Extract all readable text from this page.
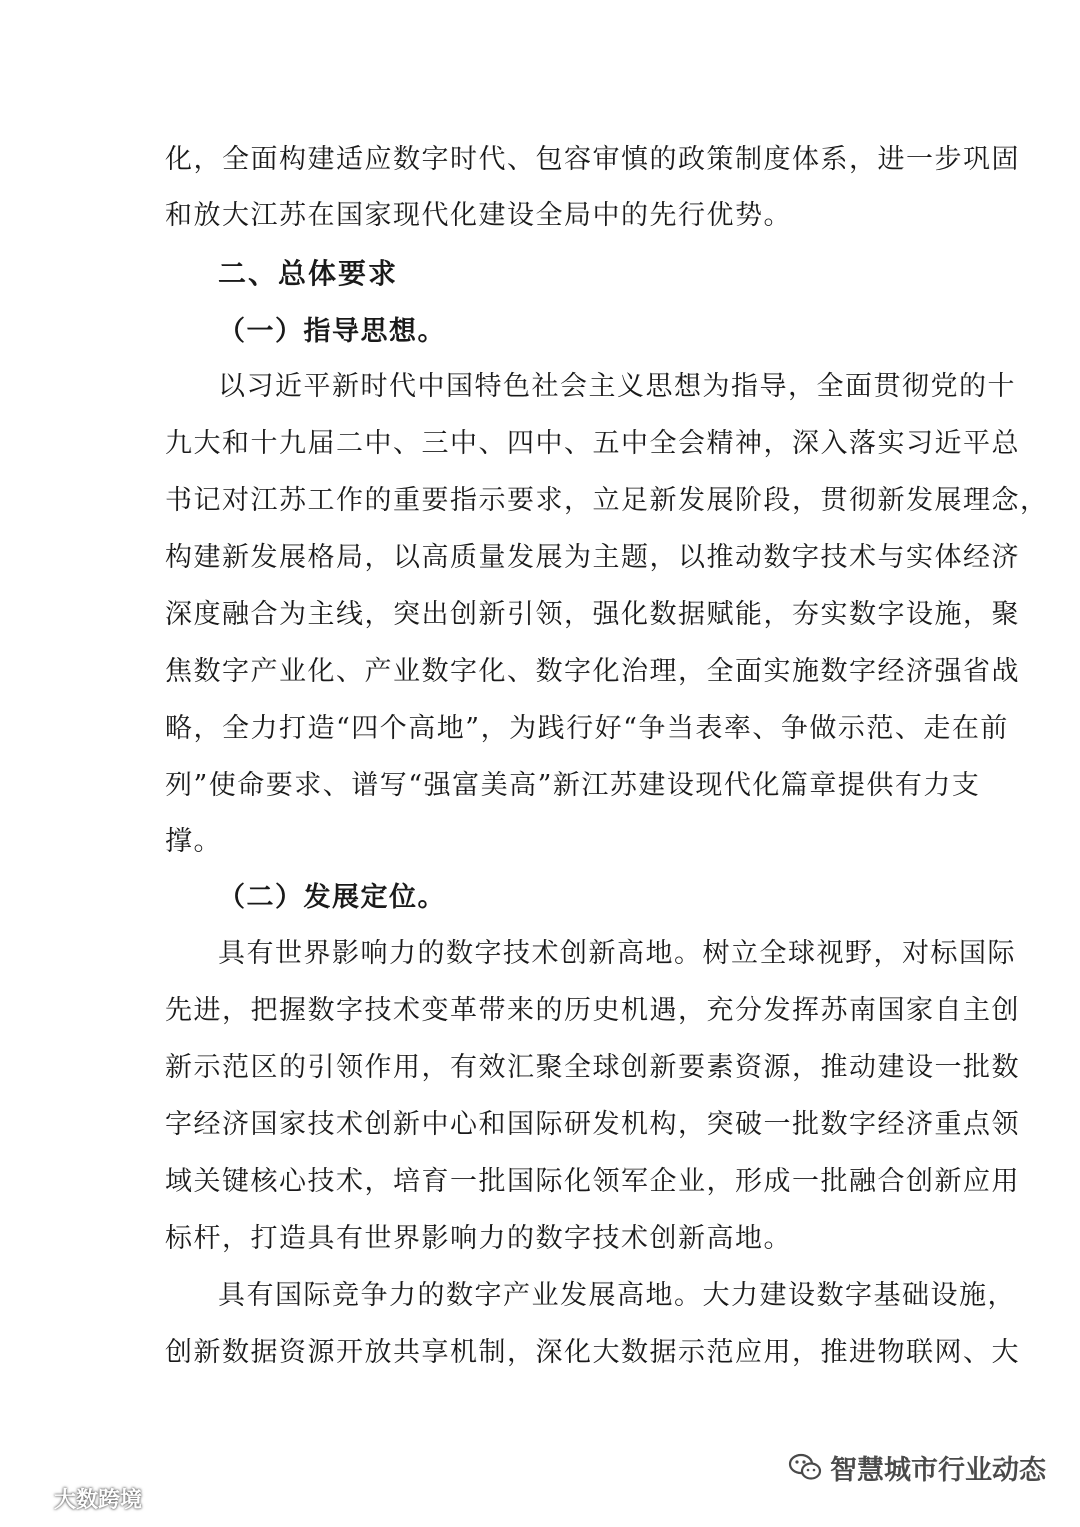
化，全面构建适应数字时代、包容审慎的政策制度体系，进一步巩固
和放大江苏在国家现代化建设全局中的先行优势。
二、总体要求
（一）指导思想。
以习近平新时代中国特色社会主义思想为指导，全面贯彻党的十
九大和十九届二中、三中、四中、五中全会精神，深入落实习近平总
书记对江苏工作的重要指示要求，立足新发展阶段，贯彻新发展理念，
构建新发展格局，以高质量发展为主题，以推动数字技术与实体经济
深度融合为主线，突出创新引领，强化数据赋能，夯实数字设施，聚
焦数字产业化、产业数字化、数字化治理，全面实施数字经济强省战
略，全力打造“四个高地”，为践行好“争当表率、争做示范、走在前
列”使命要求、谱写“强富美高”新江苏建设现代化篇章提供有力支
撑。
（二）发展定位。
具有世界影响力的数字技术创新高地。树立全球视野，对标国际
先进，把握数字技术变革带来的历史机遇，充分发挥苏南国家自主创
新示范区的引领作用，有效汇聚全球创新要素资源，推动建设一批数
字经济国家技术创新中心和国际研发机构，突破一批数字经济重点领
域关键核心技术，培育一批国际化领军企业，形成一批融合创新应用
标杆，打造具有世界影响力的数字技术创新高地。
具有国际竞争力的数字产业发展高地。大力建设数字基础设施，
创新数据资源开放共享机制，深化大数据示范应用，推进物联网、大
大数跨境
智慧城市行业动态
